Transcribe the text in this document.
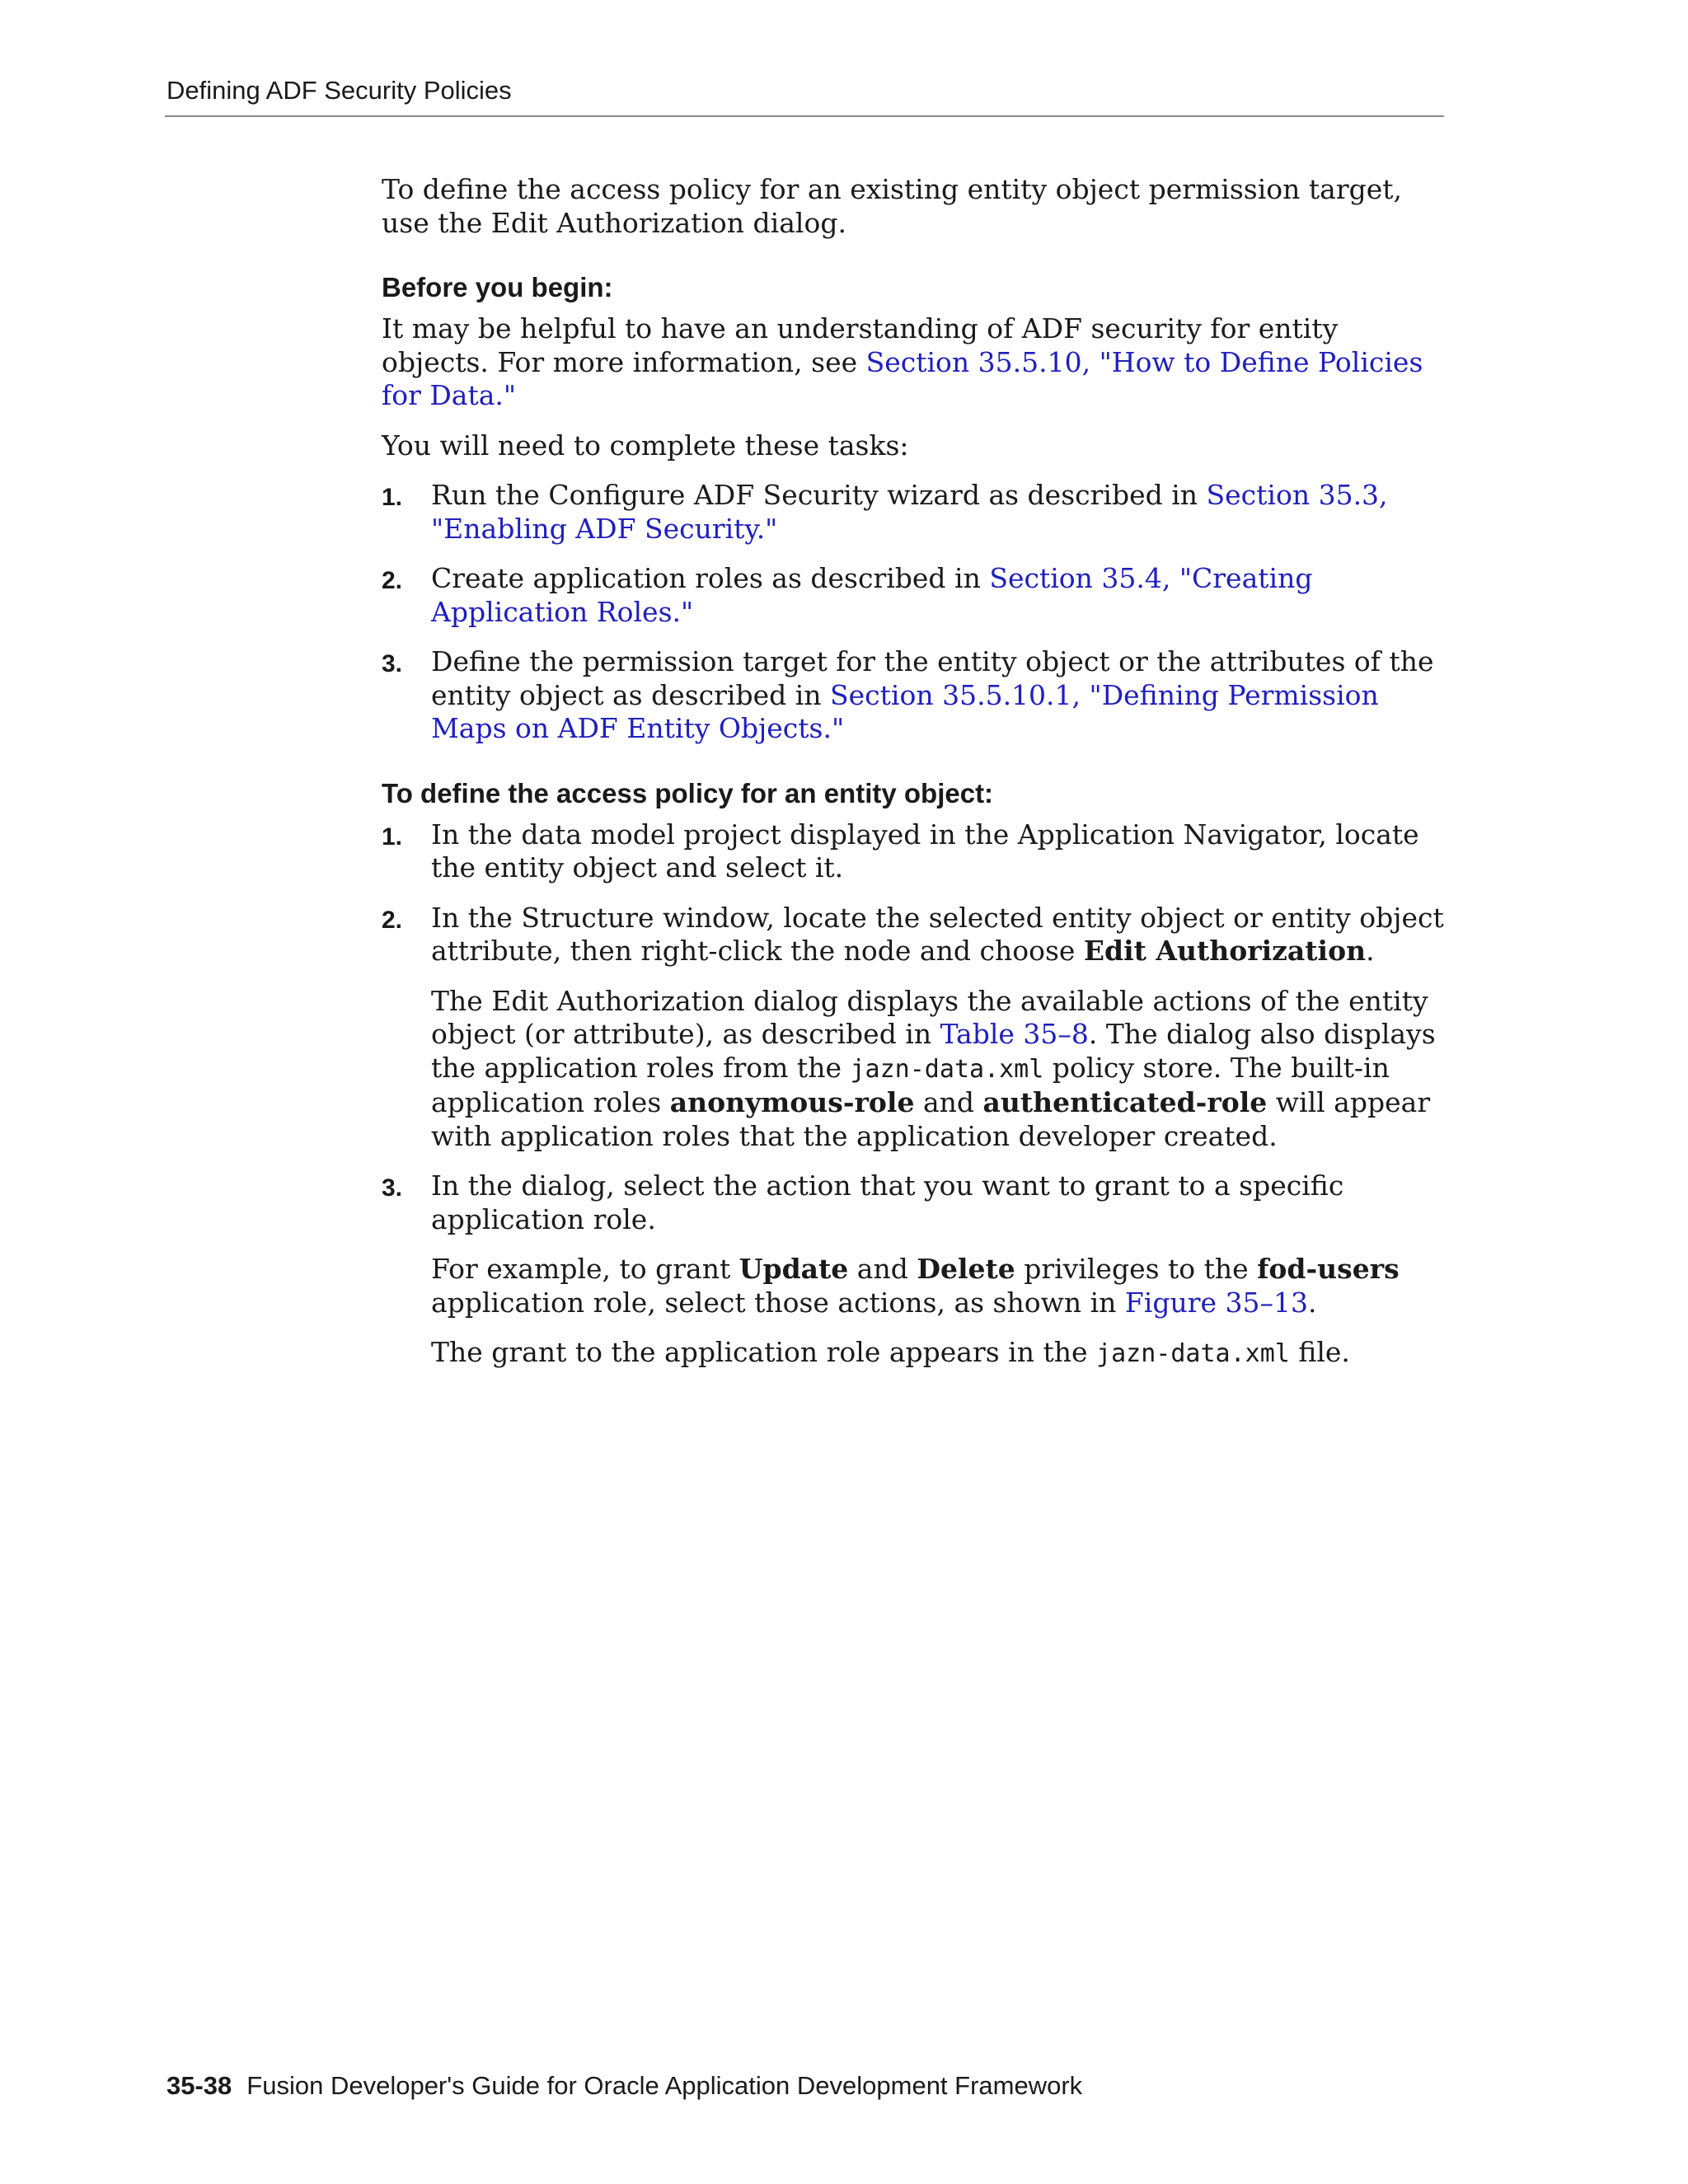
Defining ADF Security Policies

To define the access policy for an existing entity object permission target, use the Edit Authorization dialog.

Before you begin:

It may be helpful to have an understanding of ADF security for entity objects. For more information, see Section 35.5.10, "How to Define Policies for Data."

You will need to complete these tasks:

1. Run the Configure ADF Security wizard as described in Section 35.3, "Enabling ADF Security."
2. Create application roles as described in Section 35.4, "Creating Application Roles."
3. Define the permission target for the entity object or the attributes of the entity object as described in Section 35.5.10.1, "Defining Permission Maps on ADF Entity Objects."
To define the access policy for an entity object:
1. In the data model project displayed in the Application Navigator, locate the entity object and select it.
2. In the Structure window, locate the selected entity object or entity object attribute, then right-click the node and choose Edit Authorization.

The Edit Authorization dialog displays the available actions of the entity object (or attribute), as described in Table 35–8. The dialog also displays the application roles from the jazn-data.xml policy store. The built-in application roles anonymous-role and authenticated-role will appear with application roles that the application developer created.

3. In the dialog, select the action that you want to grant to a specific application role.

For example, to grant Update and Delete privileges to the fod-users application role, select those actions, as shown in Figure 35–13.

The grant to the application role appears in the jazn-data.xml file.

35-38 Fusion Developer's Guide for Oracle Application Development Framework
